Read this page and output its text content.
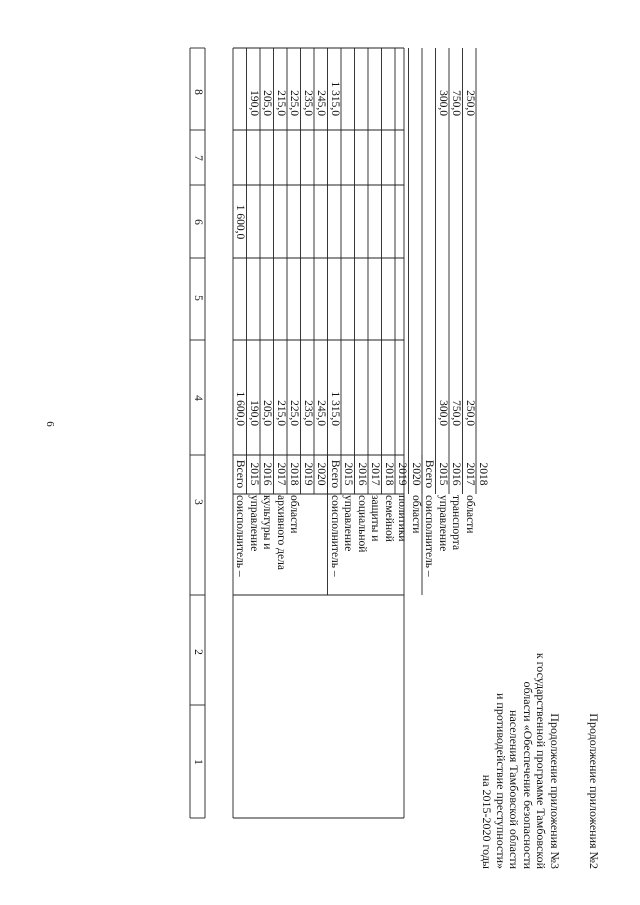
6
Продолжение приложения №2
Продолжение приложения №3
к государственной программе Тамбовской
области «Обеспечение безопасности
населения Тамбовской области
и противодействие преступности»
на 2015-2020 годы
1
2
3
4
5
6
7
8
Всего
1 600,0
1 600,0
2015
190,0
190,0
2016
205,0
205,0
2017
215,0
215,0
2018
225,0
225,0
2019
235,0
235,0
2020
245,0
245,0
Всего
1 315,0
1 315,0
2015 2016 2017 2018 2019 2020 Всего 2015
300,0
300,0
2016
750,0
750,0
2017
250,0
250,0
2018
соисполнитель – управление культуры и архивного дела области соисполнитель – управление социальной защиты и семейной политики области соисполнитель – управление транспорта области
